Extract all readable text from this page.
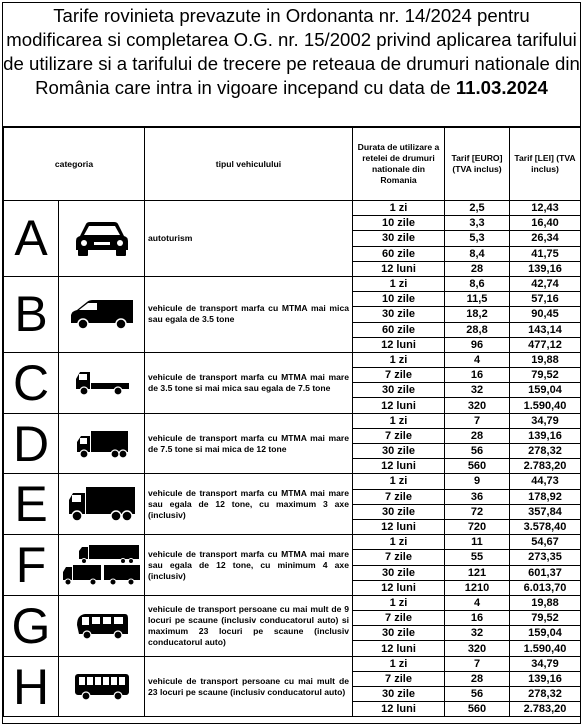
Tarife rovinieta prevazute in Ordonanta nr. 14/2024 pentru modificarea si completarea O.G. nr. 15/2002 privind aplicarea tarifului de utilizare si a tarifului de trecere pe reteaua de drumuri nationale din România care intra in vigoare incepand cu data de 11.03.2024
categoria		tipul vehiculului	Durata de utilizare a retelei de drumuri nationale din Romania	Tarif [EURO] (TVA inclus)	Tarif [LEI] (TVA inclus)
A		autoturism	1 zi	2,5	12,43
			10 zile	3,3	16,40
			30 zile	5,3	26,34
			60 zile	8,4	41,75
			12 luni	28	139,16
B		vehicule de transport marfa cu MTMA mai mica sau egala de 3.5 tone	1 zi	8,6	42,74
			10 zile	11,5	57,16
			30 zile	18,2	90,45
			60 zile	28,8	143,14
			12 luni	96	477,12
C		vehicule de transport marfa cu MTMA mai mare de 3.5 tone si mai mica sau egala de 7.5 tone	1 zi	4	19,88
			7 zile	16	79,52
			30 zile	32	159,04
			12 luni	320	1.590,40
D		vehicule de transport marfa cu MTMA mai mare de 7.5 tone si mai mica de 12 tone	1 zi	7	34,79
			7 zile	28	139,16
			30 zile	56	278,32
			12 luni	560	2.783,20
E		vehicule de transport marfa cu MTMA mai mare sau egala de 12 tone, cu maximum 3 axe (inclusiv)	1 zi	9	44,73
			7 zile	36	178,92
			30 zile	72	357,84
			12 luni	720	3.578,40
F		vehicule de transport marfa cu MTMA mai mare sau egala de 12 tone, cu minimum 4 axe (inclusiv)	1 zi	11	54,67
			7 zile	55	273,35
			30 zile	121	601,37
			12 luni	1210	6.013,70
G		vehicule de transport persoane cu mai mult de 9 locuri pe scaune (inclusiv conducatorul auto) si maximum 23 locuri pe scaune (inclusiv conducatorul auto)	1 zi	4	19,88
			7 zile	16	79,52
			30 zile	32	159,04
			12 luni	320	1.590,40
H		vehicule de transport persoane cu mai mult de 23 locuri pe scaune (inclusiv conducatorul auto)	1 zi	7	34,79
			7 zile	28	139,16
			30 zile	56	278,32
			12 luni	560	2.783,20
